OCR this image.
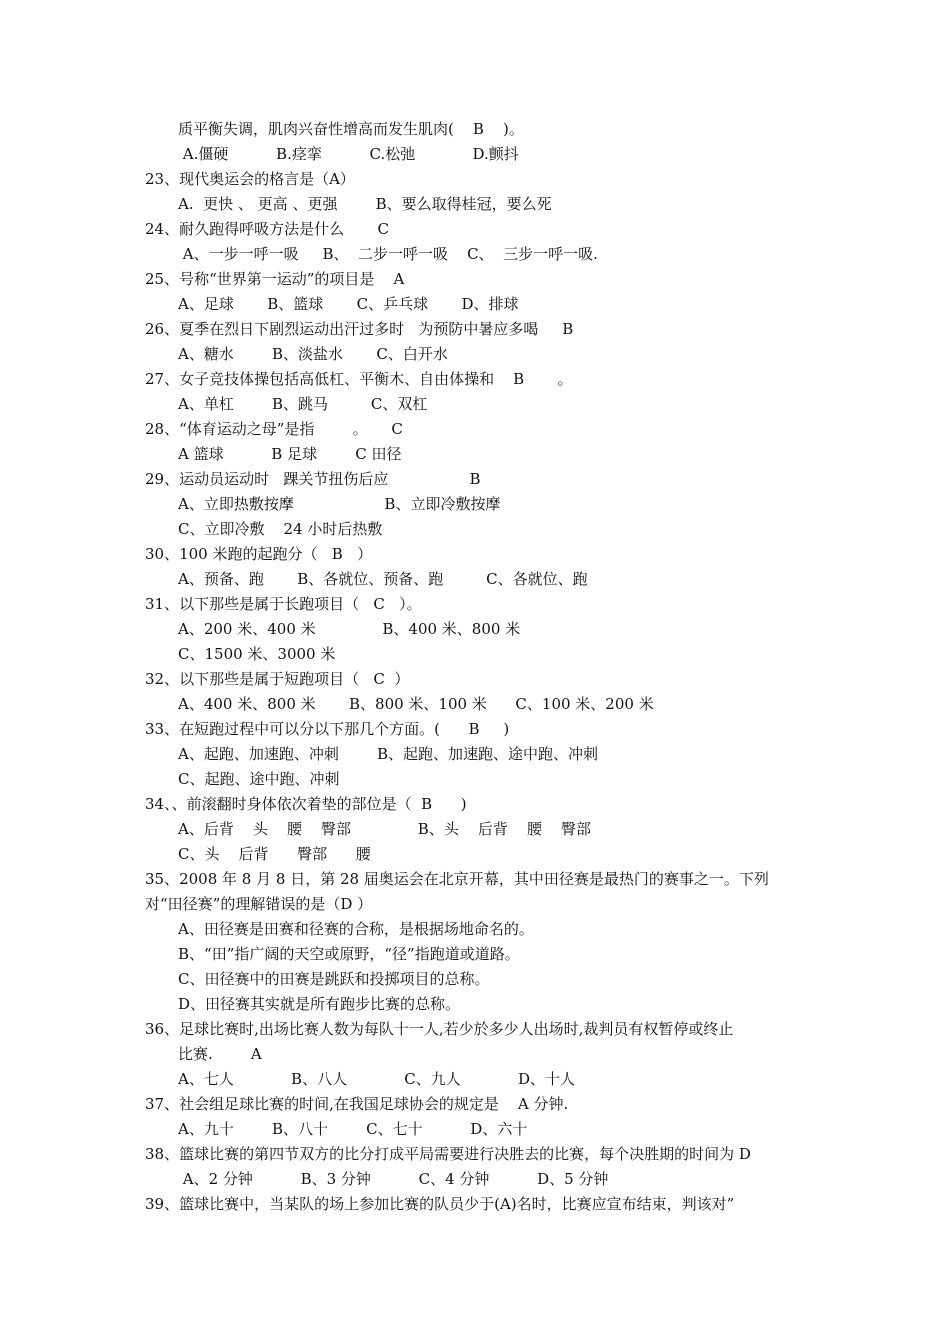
质平衡失调，肌肉兴奋性增高而发生肌肉(    B    )。
A.僵硬          B.痉挛          C.松弛            D.颤抖
23、现代奥运会的格言是（A）
A.  更快 、 更高 、更强        B、要么取得桂冠，要么死
24、耐久跑得呼吸方法是什么       C
A、一步一呼一吸     B、  二步一呼一吸    C、  三步一呼一吸.
25、号称“世界第一运动”的项目是    A
A、足球       B、篮球       C、乒乓球       D、排球
26、夏季在烈日下剧烈运动出汗过多时   为预防中暑应多喝     B
A、糖水        B、淡盐水       C、白开水
27、女子竞技体操包括高低杠、平衡木、自由体操和    B       。
A、单杠        B、跳马         C、双杠
28、“体育运动之母”是指        。     C
A 篮球          B 足球        C 田径
29、运动员运动时   踝关节扭伤后应                 B
A、立即热敷按摩                   B、立即冷敷按摩
C、立即冷敷    24 小时后热敷
30、100 米跑的起跑分（   B   ）
A、预备、跑       B、各就位、预备、跑         C、各就位、跑
31、以下那些是属于长跑项目（   C   ）。
A、200 米、400 米              B、400 米、800 米
C、1500 米、3000 米
32、以下那些是属于短跑项目（   C  ）
A、400 米、800 米       B、800 米、100 米      C、100 米、200 米
33、在短跑过程中可以分以下那几个方面。(      B     )
A、起跑、加速跑、冲刺        B、起跑、加速跑、途中跑、冲刺
C、起跑、途中跑、冲刺
34、、前滚翻时身体依次着垫的部位是（  B      )
A、后背    头    腰    臀部              B、头    后背    腰    臀部
C、头    后背      臀部      腰
35、2008 年 8 月 8 日，第 28 届奥运会在北京开幕，其中田径赛是最热门的赛事之一。下列
对“田径赛”的理解错误的是（D ）
A、田径赛是田赛和径赛的合称，是根据场地命名的。
B、“田”指广阔的天空或原野，“径”指跑道或道路。
C、田径赛中的田赛是跳跃和投掷项目的总称。
D、田径赛其实就是所有跑步比赛的总称。
36、足球比赛时,出场比赛人数为每队十一人,若少於多少人出场时,裁判员有权暂停或终止
比赛.        A
A、七人            B、八人            C、九人            D、十人
37、社会组足球比赛的时间,在我国足球协会的规定是    A 分钟.
A、九十        B、八十        C、七十          D、六十
38、篮球比赛的第四节双方的比分打成平局需要进行决胜去的比赛，每个决胜期的时间为 D
A、2 分钟          B、3 分钟          C、4 分钟          D、5 分钟
39、篮球比赛中，当某队的场上参加比赛的队员少于(A)名时，比赛应宣布结束，判该对”
